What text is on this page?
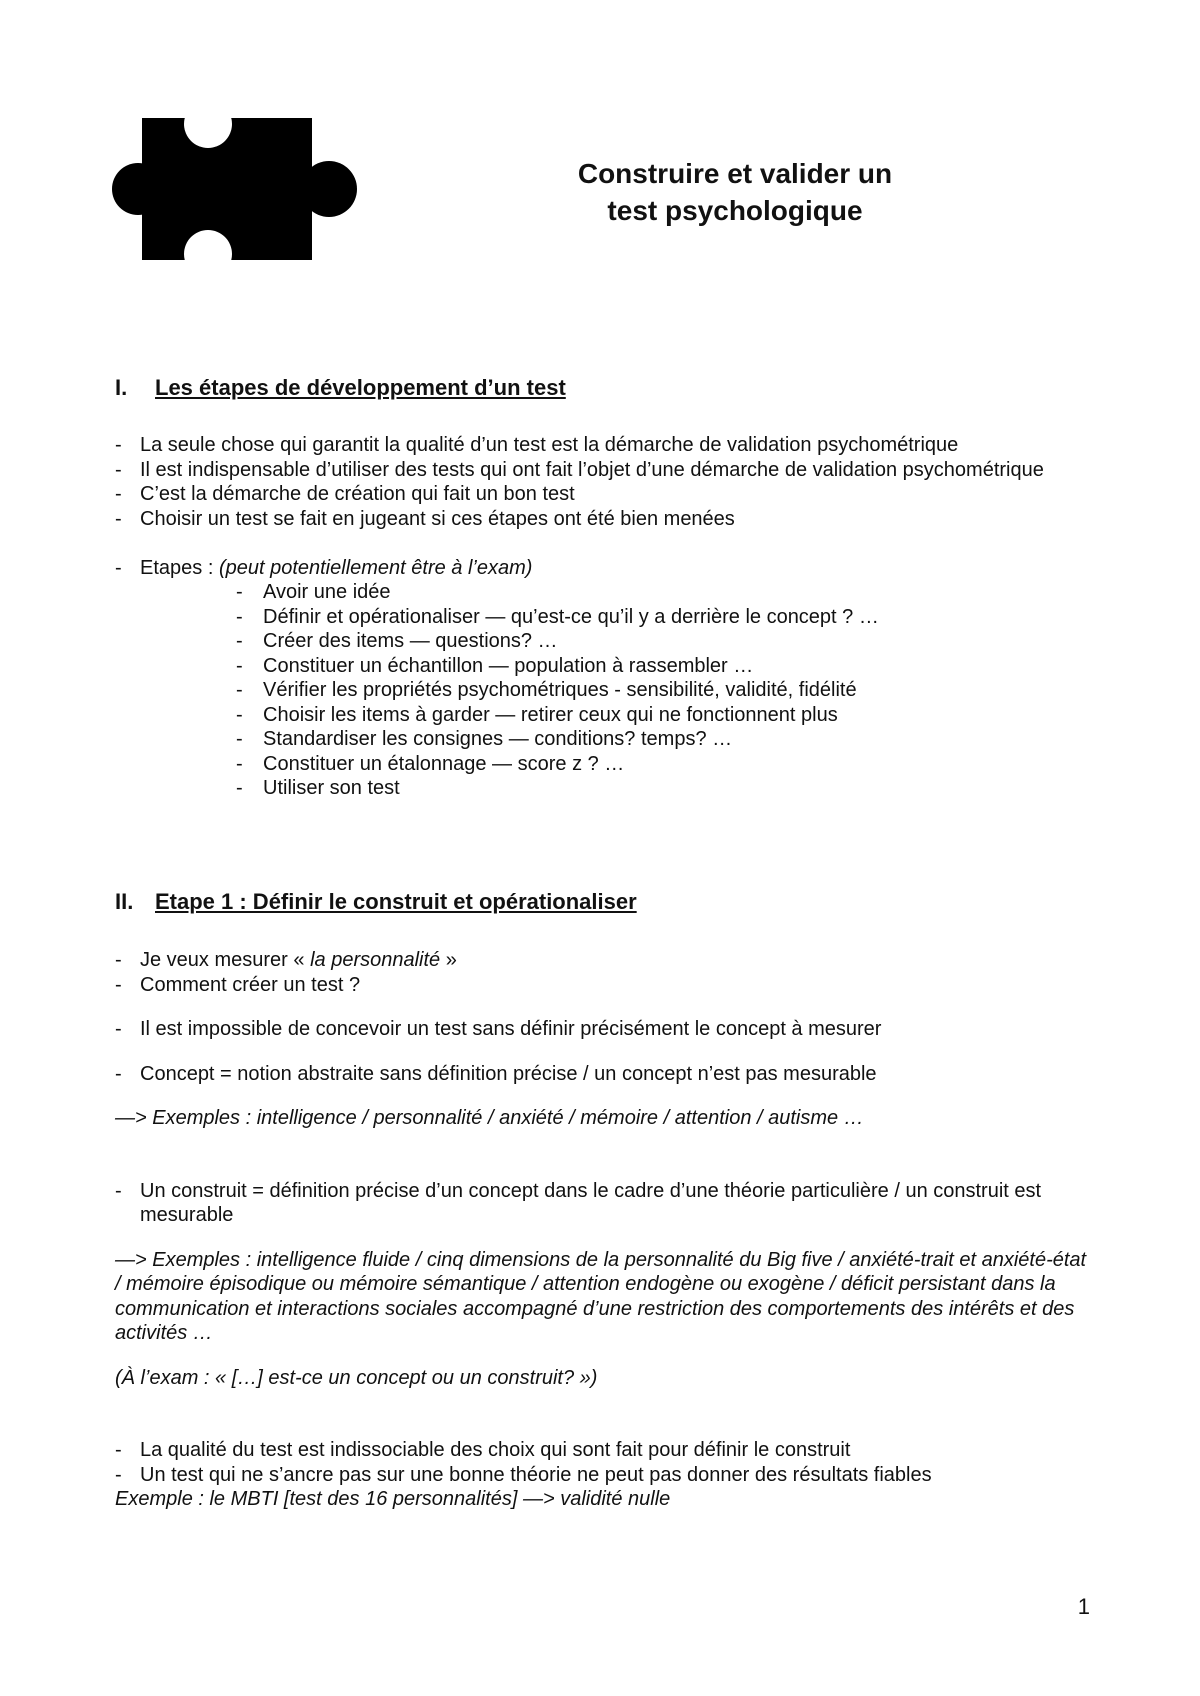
Construire et valider un
test psychologique
I. Les étapes de développement d’un test
- La seule chose qui garantit la qualité d’un test est la démarche de validation psychométrique
- Il est indispensable d’utiliser des tests qui ont fait l’objet d’une démarche de validation psychométrique
- C’est la démarche de création qui fait un bon test
- Choisir un test se fait en jugeant si ces étapes ont été bien menées
- Etapes : (peut potentiellement être à l’exam)
- Avoir une idée
- Définir et opérationaliser — qu’est-ce qu’il y a derrière le concept ? …
- Créer des items — questions? …
- Constituer un échantillon — population à rassembler …
- Vérifier les propriétés psychométriques - sensibilité, validité, fidélité
- Choisir les items à garder — retirer ceux qui ne fonctionnent plus
- Standardiser les consignes — conditions? temps? …
- Constituer un étalonnage — score z ? …
- Utiliser son test
II. Etape 1 : Définir le construit et opérationaliser
- Je veux mesurer « la personnalité »
- Comment créer un test ?
- Il est impossible de concevoir un test sans définir précisément le concept à mesurer
- Concept = notion abstraite sans définition précise / un concept n’est pas mesurable
—> Exemples : intelligence / personnalité / anxiété / mémoire / attention / autisme …
- Un construit = définition précise d’un concept dans le cadre d’une théorie particulière / un construit est mesurable
—> Exemples : intelligence fluide / cinq dimensions de la personnalité du Big five / anxiété-trait et anxiété-état / mémoire épisodique ou mémoire sémantique / attention endogène ou exogène / déficit persistant dans la communication et interactions sociales accompagné d’une restriction des comportements des intérêts et des activités …
(À l’exam : « […] est-ce un concept ou un construit? »)
- La qualité du test est indissociable des choix qui sont fait pour définir le construit
- Un test qui ne s’ancre pas sur une bonne théorie ne peut pas donner des résultats fiables
Exemple : le MBTI [test des 16 personnalités] —> validité nulle
1
